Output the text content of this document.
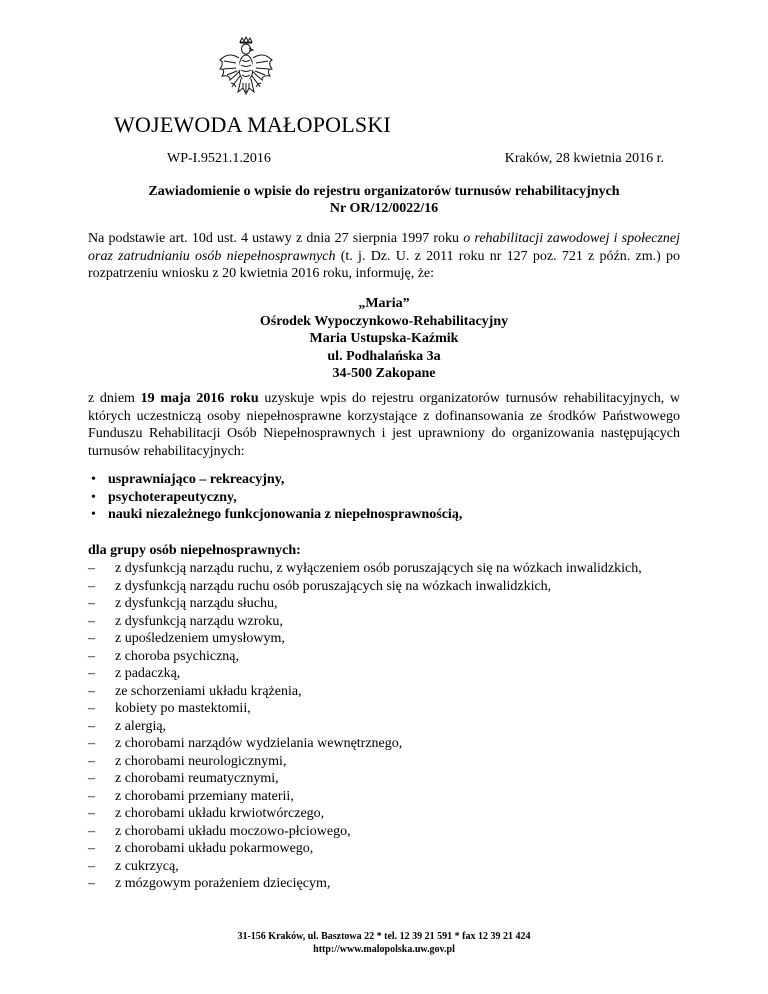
WOJEWODA MAŁOPOLSKI
WP-I.9521.1.2016	Kraków, 28 kwietnia 2016 r.
Zawiadomienie o wpisie do rejestru organizatorów turnusów rehabilitacyjnych
Nr OR/12/0022/16
Na podstawie art. 10d ust. 4 ustawy z dnia 27 sierpnia 1997 roku o rehabilitacji zawodowej i społecznej oraz zatrudnianiu osób niepełnosprawnych (t. j. Dz. U. z 2011 roku nr 127 poz. 721 z późn. zm.) po rozpatrzeniu wniosku z 20 kwietnia 2016 roku, informuję, że:
„Maria”
Ośrodek Wypoczynkowo-Rehabilitacyjny
Maria Ustupska-Kaźmik
ul. Podhalańska 3a
34-500 Zakopane
z dniem 19 maja 2016 roku uzyskuje wpis do rejestru organizatorów turnusów rehabilitacyjnych, w których uczestniczą osoby niepełnosprawne korzystające z dofinansowania ze środków Państwowego Funduszu Rehabilitacji Osób Niepełnosprawnych i jest uprawniony do organizowania następujących turnusów rehabilitacyjnych:
• usprawniająco – rekreacyjny,
• psychoterapeutyczny,
• nauki niezależnego funkcjonowania z niepełnosprawnością,
dla grupy osób niepełnosprawnych:
– z dysfunkcją narządu ruchu, z wyłączeniem osób poruszających się na wózkach inwalidzkich,
– z dysfunkcją narządu ruchu osób poruszających się na wózkach inwalidzkich,
– z dysfunkcją narządu słuchu,
– z dysfunkcją narządu wzroku,
– z upośledzeniem umysłowym,
– z choroba psychiczną,
– z padaczką,
– ze schorzeniami układu krążenia,
– kobiety po mastektomii,
– z alergią,
– z chorobami narządów wydzielania wewnętrznego,
– z chorobami neurologicznymi,
– z chorobami reumatycznymi,
– z chorobami przemiany materii,
– z chorobami układu krwiotwórczego,
– z chorobami układu moczowo-płciowego,
– z chorobami układu pokarmowego,
– z cukrzycą,
– z mózgowym porażeniem dziecięcym,
31-156 Kraków, ul. Basztowa 22 * tel. 12 39 21 591 * fax 12 39 21 424
http://www.malopolska.uw.gov.pl
